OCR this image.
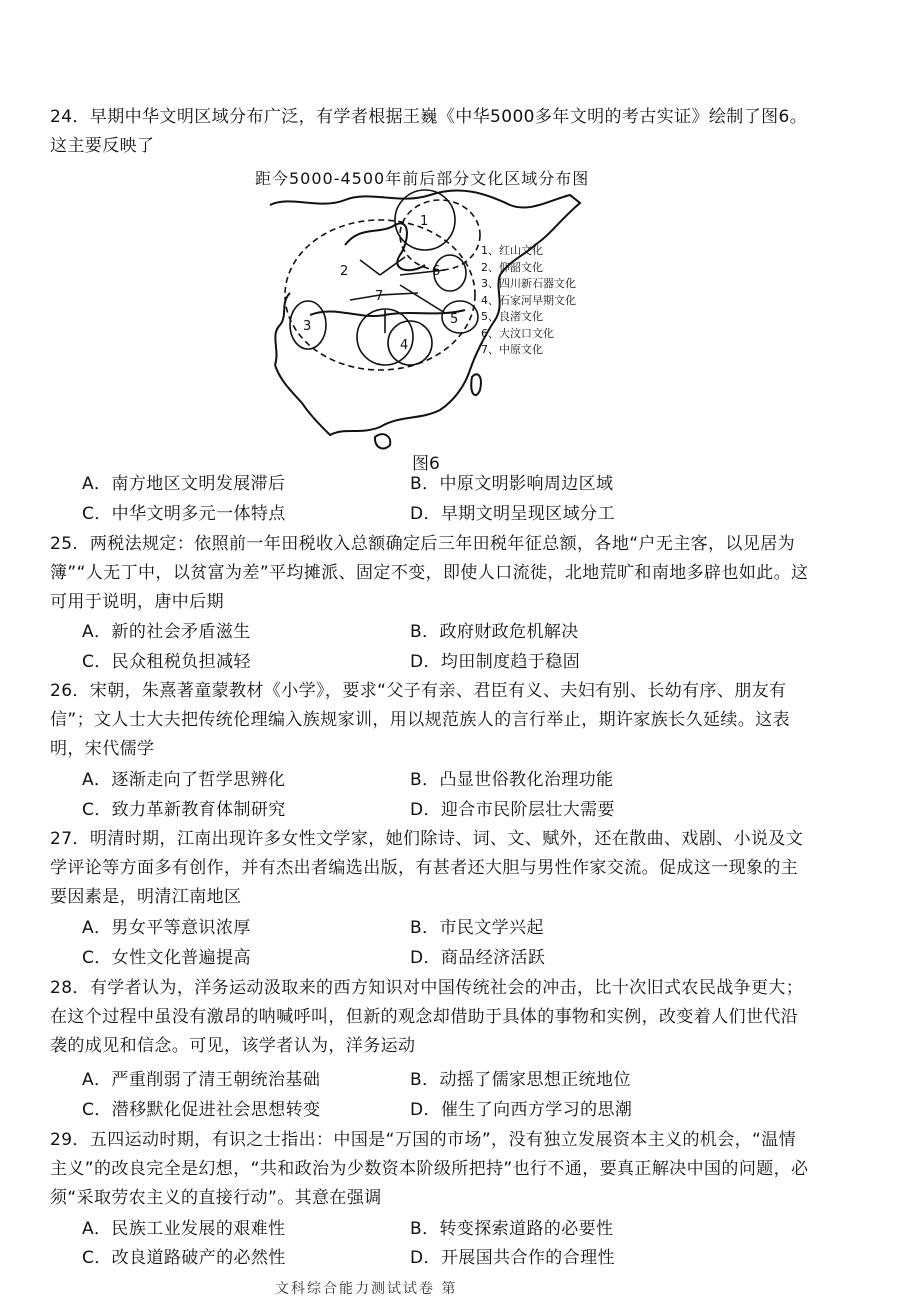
24．早期中华文明区域分布广泛，有学者根据王巍《中华5000多年文明的考古实证》绘制了图6。这主要反映了
距今5000-4500年前后部分文化区域分布图
1
2
3
4
5
6
7
1、红山文化
2、仰韶文化
3、四川新石器文化
4、石家河早期文化
5、良渚文化
6、大汶口文化
7、中原文化
图6
A．南方地区文明发展滞后	B．中原文明影响周边区域
C．中华文明多元一体特点	D．早期文明呈现区域分工
25．两税法规定：依照前一年田税收入总额确定后三年田税年征总额，各地“户无主客，以见居为簿”“人无丁中，以贫富为差”平均摊派、固定不变，即使人口流徙，北地荒旷和南地多辟也如此。这可用于说明，唐中后期
A．新的社会矛盾滋生	B．政府财政危机解决
C．民众租税负担减轻	D．均田制度趋于稳固
26．宋朝，朱熹著童蒙教材《小学》，要求“父子有亲、君臣有义、夫妇有别、长幼有序、朋友有信”；文人士大夫把传统伦理编入族规家训，用以规范族人的言行举止，期许家族长久延续。这表明，宋代儒学
A．逐渐走向了哲学思辨化	B．凸显世俗教化治理功能
C．致力革新教育体制研究	D．迎合市民阶层壮大需要
27．明清时期，江南出现许多女性文学家，她们除诗、词、文、赋外，还在散曲、戏剧、小说及文学评论等方面多有创作，并有杰出者编选出版，有甚者还大胆与男性作家交流。促成这一现象的主要因素是，明清江南地区
A．男女平等意识浓厚	B．市民文学兴起
C．女性文化普遍提高	D．商品经济活跃
28．有学者认为，洋务运动汲取来的西方知识对中国传统社会的冲击，比十次旧式农民战争更大；在这个过程中虽没有激昂的呐喊呼叫，但新的观念却借助于具体的事物和实例，改变着人们世代沿袭的成见和信念。可见，该学者认为，洋务运动
A．严重削弱了清王朝统治基础	B．动摇了儒家思想正统地位
C．潜移默化促进社会思想转变	D．催生了向西方学习的思潮
29．五四运动时期，有识之士指出：中国是“万国的市场”，没有独立发展资本主义的机会，“温情主义”的改良完全是幻想，“共和政治为少数资本阶级所把持”也行不通，要真正解决中国的问题，必须“采取劳农主义的直接行动”。其意在强调
A．民族工业发展的艰难性	B．转变探索道路的必要性
C．改良道路破产的必然性	D．开展国共合作的合理性
文科综合能力测试试卷 第
